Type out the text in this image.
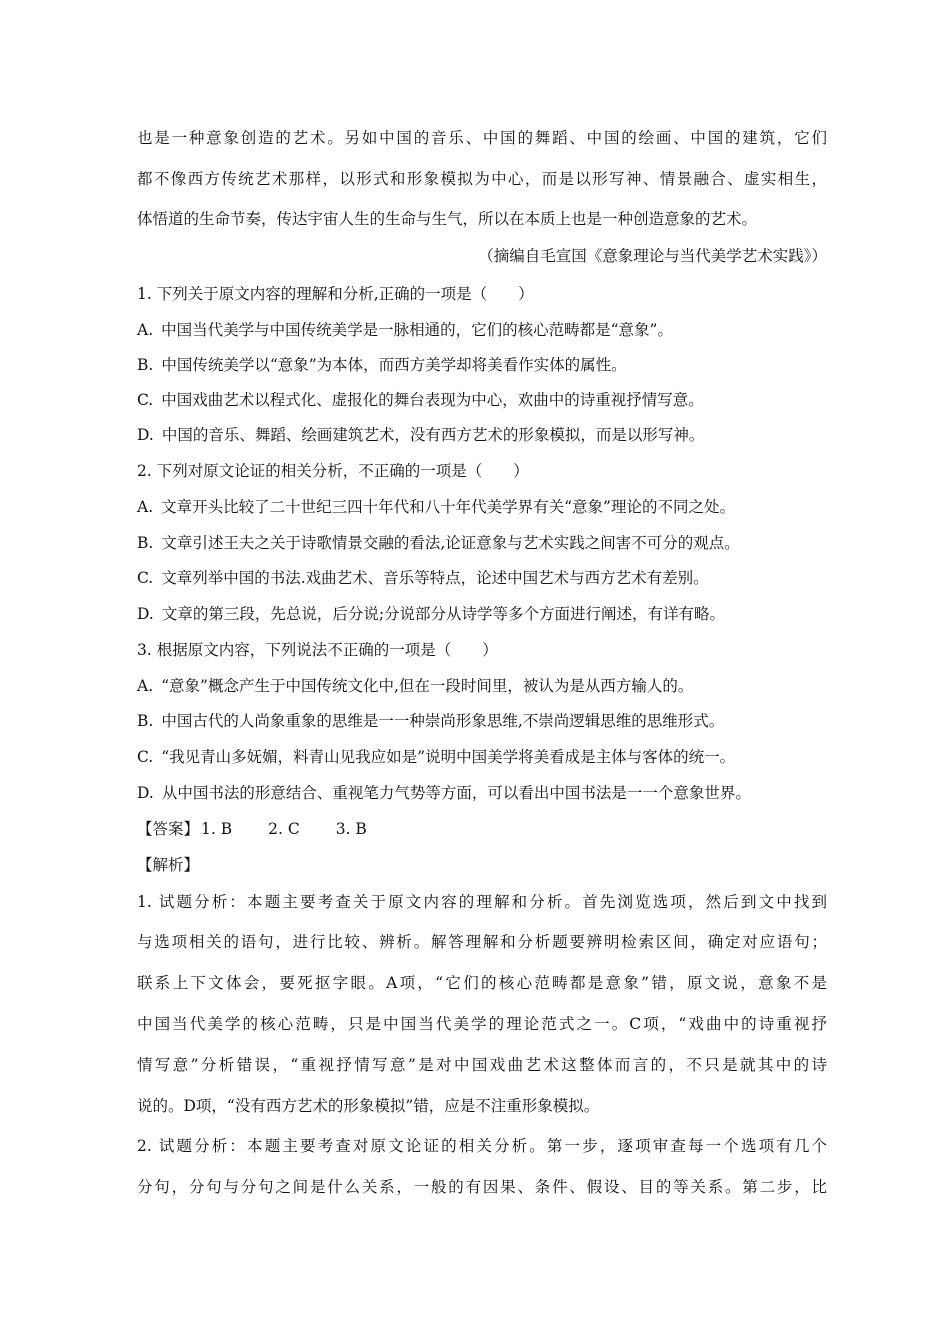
也是一种意象创造的艺术。另如中国的音乐、中国的舞蹈、中国的绘画、中国的建筑，它们
都不像西方传统艺术那样，以形式和形象模拟为中心，而是以形写神、情景融合、虚实相生，
体悟道的生命节奏，传达宇宙人生的生命与生气，所以在本质上也是一种创造意象的艺术。
（摘编自毛宣国《意象理论与当代美学艺术实践》）
1. 下列关于原文内容的理解和分析,正确的一项是（　　）
A. 中国当代美学与中国传统美学是一脉相通的，它们的核心范畴都是“意象”。
B. 中国传统美学以“意象”为本体，而西方美学却将美看作实体的属性。
C. 中国戏曲艺术以程式化、虚报化的舞台表现为中心，欢曲中的诗重视抒情写意。
D. 中国的音乐、舞蹈、绘画建筑艺术，没有西方艺术的形象模拟，而是以形写神。
2. 下列对原文论证的相关分析，不正确的一项是（　　）
A. 文章开头比较了二十世纪三四十年代和八十年代美学界有关“意象”理论的不同之处。
B. 文章引述王夫之关于诗歌情景交融的看法,论证意象与艺术实践之间害不可分的观点。
C. 文章列举中国的书法.戏曲艺术、音乐等特点，论述中国艺术与西方艺术有差别。
D. 文章的第三段，先总说，后分说;分说部分从诗学等多个方面进行阐述，有详有略。
3. 根据原文内容，下列说法不正确的一项是（　　）
A. “意象”概念产生于中国传统文化中,但在一段时间里，被认为是从西方输人的。
B. 中国古代的人尚象重象的思维是一一种崇尚形象思维,不崇尚逻辑思维的思维形式。
C. “我见青山多妩媚，料青山见我应如是”说明中国美学将美看成是主体与客体的统一。
D. 从中国书法的形意结合、重视笔力气势等方面，可以看出中国书法是一一个意象世界。
【答案】 1. B 2. C 3. B
【解析】
1. 试题分析：本题主要考查关于原文内容的理解和分析。首先浏览选项，然后到文中找到
与选项相关的语句，进行比较、辨析。解答理解和分析题要辨明检索区间，确定对应语句；
联系上下文体会，要死抠字眼。A项，“它们的核心范畴都是意象”错，原文说，意象不是
中国当代美学的核心范畴，只是中国当代美学的理论范式之一。C项，“戏曲中的诗重视抒
情写意”分析错误，“重视抒情写意”是对中国戏曲艺术这整体而言的，不只是就其中的诗
说的。D项，“没有西方艺术的形象模拟”错，应是不注重形象模拟。
2. 试题分析：本题主要考查对原文论证的相关分析。第一步，逐项审查每一个选项有几个
分句，分句与分句之间是什么关系，一般的有因果、条件、假设、目的等关系。第二步，比
